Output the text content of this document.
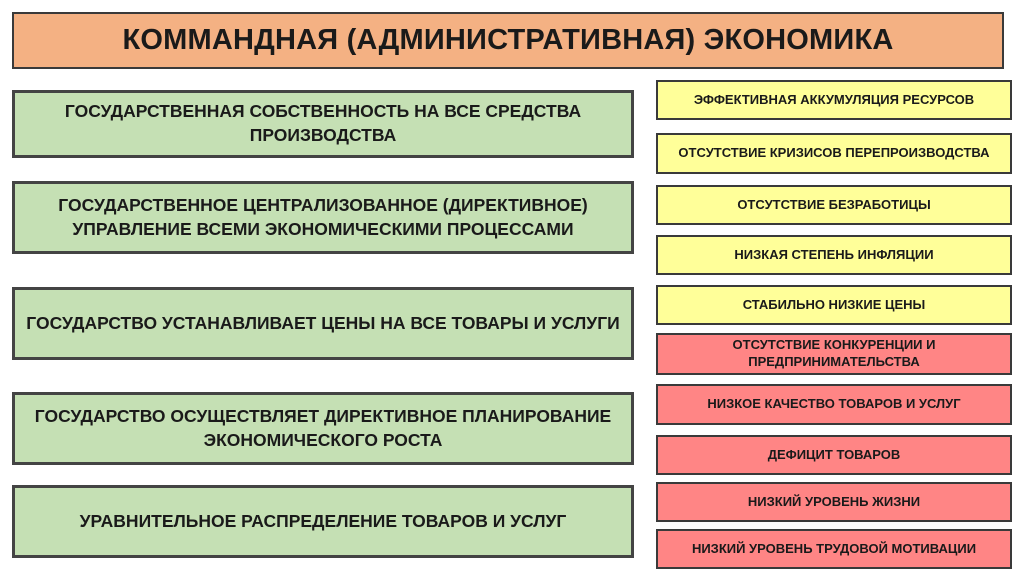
КОММАНДНАЯ (АДМИНИСТРАТИВНАЯ) ЭКОНОМИКА
ГОСУДАРСТВЕННАЯ СОБСТВЕННОСТЬ НА ВСЕ СРЕДСТВА ПРОИЗВОДСТВА
ГОСУДАРСТВЕННОЕ ЦЕНТРАЛИЗОВАННОЕ (ДИРЕКТИВНОЕ) УПРАВЛЕНИЕ ВСЕМИ ЭКОНОМИЧЕСКИМИ ПРОЦЕССАМИ
ГОСУДАРСТВО УСТАНАВЛИВАЕТ ЦЕНЫ НА ВСЕ ТОВАРЫ И УСЛУГИ
ГОСУДАРСТВО ОСУЩЕСТВЛЯЕТ ДИРЕКТИВНОЕ ПЛАНИРОВАНИЕ ЭКОНОМИЧЕСКОГО РОСТА
УРАВНИТЕЛЬНОЕ РАСПРЕДЕЛЕНИЕ ТОВАРОВ И УСЛУГ
ЭФФЕКТИВНАЯ АККУМУЛЯЦИЯ РЕСУРСОВ
ОТСУТСТВИЕ КРИЗИСОВ ПЕРЕПРОИЗВОДСТВА
ОТСУТСТВИЕ БЕЗРАБОТИЦЫ
НИЗКАЯ СТЕПЕНЬ ИНФЛЯЦИИ
СТАБИЛЬНО НИЗКИЕ ЦЕНЫ
ОТСУТСТВИЕ КОНКУРЕНЦИИ И ПРЕДПРИНИМАТЕЛЬСТВА
НИЗКОЕ КАЧЕСТВО ТОВАРОВ И УСЛУГ
ДЕФИЦИТ ТОВАРОВ
НИЗКИЙ УРОВЕНЬ ЖИЗНИ
НИЗКИЙ УРОВЕНЬ ТРУДОВОЙ МОТИВАЦИИ
